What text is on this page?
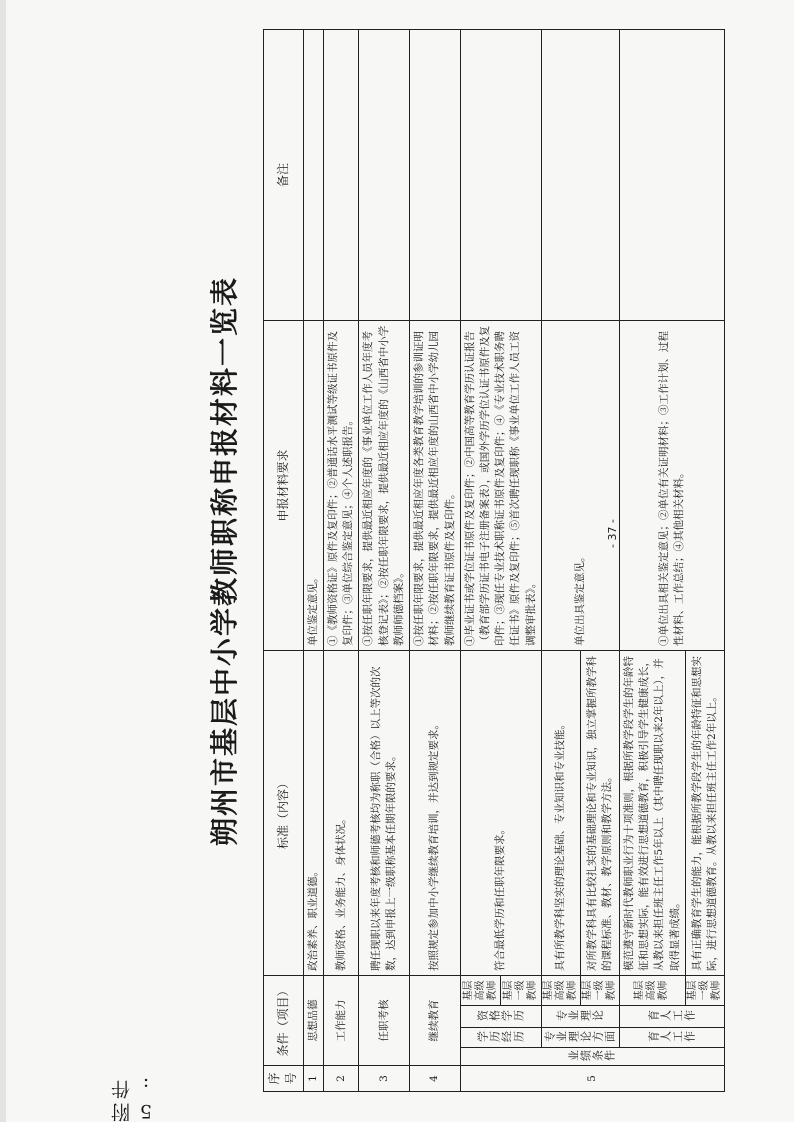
附件 5:
- 37 -
朔州市基层中小学教师职称申报材料一览表
序号	条件（项目）				标准（内容）	申报材料要求	备注
1	思想品德				政治素养、职业道德。	单位鉴定意见。	
2	工作能力				教师资格、业务能力、身体状况。	①《教师资格证》原件及复印件；②普通话水平测试等级证书原件及复印件；③单位综合鉴定意见；④个人述职报告。	
3	任职考核				聘任现职以来年度考核和师德考核均为称职（合格）以上等次的次数，达到申报上一级职称基本任期年限的要求。	①按任职年限要求，提供最近相应年度的《事业单位工作人员年度考核登记表》；②按任职年限要求，提供最近相应年度的《山西省中小学教师师德档案》。	
4	继续教育				按照规定参加中小学继续教育培训，并达到规定要求。	①按任职年限要求，提供最近相应年度各类教育教学培训的参训证明材料；②按任职年限要求，提供最近相应年度的山西省中小学幼儿园教师继续教育证书原件及复印件。	
5	业绩条件	学历经历	资格学历	基层高级教师	符合最低学历和任职年限要求。	①毕业证书或学位证书原件及复印件；②中国高等教育学历认证报告（教育部学历证书电子注册备案表），或国外学历学位认证书原件及复印件；③现任专业技术职称证书原件及复印件；④《专业技术职务聘任证书》原件及复印件；⑤首次聘任现职称《事业单位工作人员工资调整审批表》。	
				基层一级教师			
		专业理论方面	专业理论	基层高级教师	具有所教学科坚实的理论基础、专业知识和专业技能。	单位出具鉴定意见。	
				基层一级教师	对所教学科具有比较扎实的基础理论和专业知识，独立掌握所教学科的课程标准、教材、教学原则和教学方法。		
		育人工作	育人工作	基层高级教师	模范遵守新时代教师职业行为十项准则，根据所教学段学生的年龄特征和思想实际，能有效进行思想道德教育，积极引导学生健康成长，从教以来担任班主任工作5年以上（其中聘任现职以来2年以上），并取得显著成绩。	①单位出具相关鉴定意见；②单位有关证明材料；③工作计划、过程性材料、工作总结；④其他相关材料。	
				基层一级教师	具有正确教育学生的能力，能根据所教学段学生的年龄特征和思想实际，进行思想道德教育。从教以来担任班主任工作2年以上。		
